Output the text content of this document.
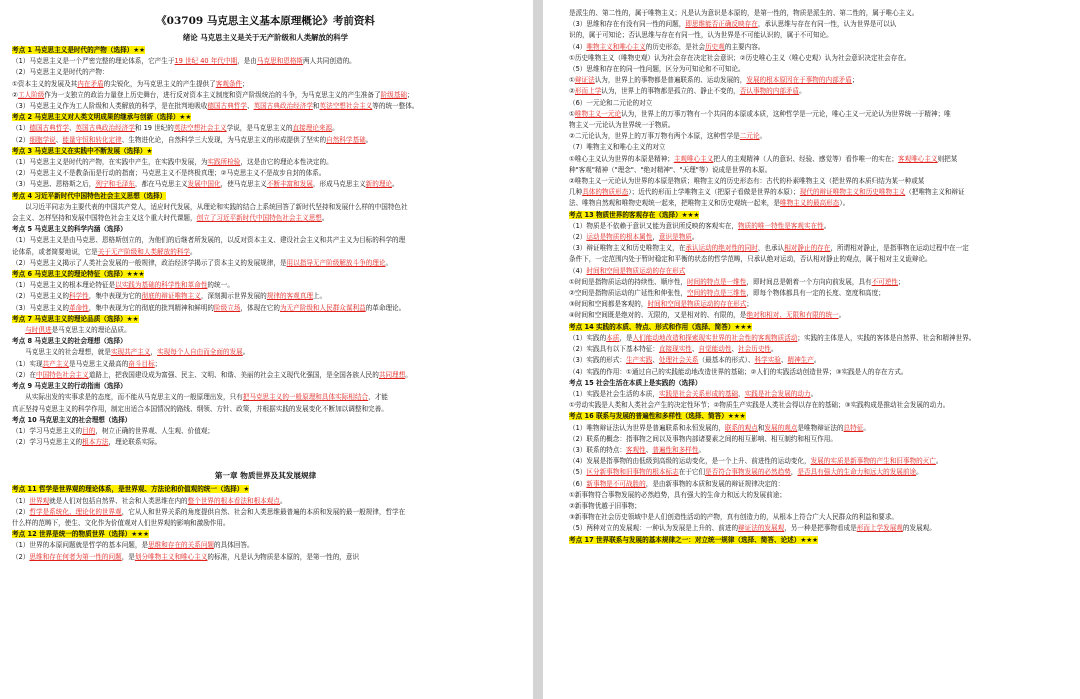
《03709 马克思主义基本原理概论》考前资料
绪论 马克思主义是关于无产阶级和人类解放的科学
考点 1 马克思主义是时代的产物（选择）★★
（1）马克思主义是一个严密完整的理论体系，它产生于19 世纪 40 年代中期，是由马克思和恩格斯两人共同创造的。
（2）马克思主义是时代的产物：
①资本主义的发展及其内在矛盾的尖锐化，为马克思主义的产生提供了客观条件；
②工人阶级作为一支独立的政治力量登上历史舞台，进行反对资本主义制度和资产阶级统治的斗争，为马克思主义的产生准备了阶级基础；
（3）马克思主义作为工人阶级和人类解放的科学，是在批判地吸收德国古典哲学、英国古典政治经济学和英法空想社会主义等的统一整体。
考点 2 马克思主义对人类文明成果的继承与创新（选择）★★
（1）德国古典哲学、英国古典政治经济学和 19 世纪的英法空想社会主义学说，是马克思主义的直接理论来源。
（2）细胞学说、能量守恒和转化定律、生物进化论，自然科学三大发现，为马克思主义的形成提供了坚实的自然科学基础。
考点 3 马克思主义在实践中不断发展（选择）★
（1）马克思主义是时代的产物，在实践中产生，在实践中发展，为实践所检验，这是由它的理论本性决定的。
（2）马克思主义不是教条而是行动的指南；马克思主义不是终极真理；②马克思主义不是故步自封的体系。
（3）马克思、恩格斯之后，列宁和毛泽东，都在马克思主义发展中国化，使马克思主义不断丰富和发展，形成马克思主义新的理论。
考点 4 习近平新时代中国特色社会主义思想（选择）
　　以习近平同志为主要代表的中国共产党人，适应时代发展，从理论和实践的结合上系统回答了新时代坚持和发展什么样的中国特色社
会主义、怎样坚持和发展中国特色社会主义这个重大时代课题，创立了习近平新时代中国特色社会主义思想。
考点 5 马克思主义的科学内涵（选择）
（1）马克思主义是由马克思、恩格斯创立的，为他们的后继者所发展的，以反对资本主义、建设社会主义和共产主义为目标的科学的理
论体系，或者简要地说，它是关于无产阶级和人类解放的科学。
（2）马克思主义揭示了人类社会发展的一般规律，政治经济学揭示了资本主义的发展规律，是用以指导无产阶级解放斗争的理论。
考点 6 马克思主义的理论特征（选择）★★★
（1）马克思主义的根本理论特征是以实践为基础的科学性和革命性的统一。
（2）马克思主义的科学性，集中表现为它的彻底的辩证唯物主义，深刻揭示世界发展的规律的客观真理上。
（3）马克思主义的革命性，集中表现为它的彻底的批判精神和鲜明的阶级立场，体现在它的为无产阶级和人民群众谋利益的革命理论。
考点 7 马克思主义的理论品质（选择）★★
　　与时俱进是马克思主义的理论品质。
考点 8 马克思主义的社会理想（选择）
　　马克思主义的社会理想，就是实现共产主义，实现每个人自由而全面的发展。
（1）实现共产主义是马克思主义最高的奋斗目标；
（2）在中国特色社会主义道路上，把我国建设成为富强、民主、文明、和谐、美丽的社会主义现代化强国，是全国各族人民的共同理想。
考点 9 马克思主义的行动指南（选择）
　　从实际出发的实事求是的态度，而不能从马克思主义的一般原理出发，只有把马克思主义的一般原理和具体实际相结合，才能
真正坚持马克思主义的科学作用，制定出适合本国情况的路线、纲领、方针、政策，并根据实践的发展变化不断加以调整和完善。
考点 10 马克思主义的社会理想（选择）
（1）学习马克思主义的目的，树立正确的世界观、人生观、价值观；
（2）学习马克思主义的根本方法，理论联系实际。
第一章 物质世界及其发展规律
考点 11 哲学是世界观的理论体系，是世界观、方法论和价值观的统一（选择）★
（1）世界观就是人们对包括自然界、社会和人类思维在内的整个世界的根本看法和根本观点。
（2）哲学是系统化、理论化的世界观，它从人和世界关系的角度提供自然、社会和人类思维最普遍的本质和发展的最一般规律，哲学在
什么样的范畴下，使生、文化作为价值观对人们世界观的影响和激励作用。
考点 12 世界是统一的物质世界（选择）★★★
（1）世界的本原问题就是哲学的基本问题，是思维和存在的关系问题的具体回答。
（2）思维和存在何者为第一性的问题，是划分唯物主义和唯心主义的标准，凡是认为物质是本原的，是第一性的，意识
是派生的、第二性的，属于唯物主义；凡是认为意识是本原的，是第一性的，物质是派生的、第二性的，属于唯心主义。
（3）思维和存在有没有同一性的问题，即思维能否正确反映存在，承认思维与存在有同一性，认为世界是可以认
识的，属于可知论；否认思维与存在有同一性，认为世界是不可能认识的，属于不可知论。
（4）唯物主义和唯心主义的历史形态，是社会历史观的主要内容。
①历史唯物主义（唯物史观）认为社会存在决定社会意识；②历史唯心主义（唯心史观）认为社会意识决定社会存在。
（5）思维和存在的同一性问题，区分为可知论和不可知论。
①辩证法认为，世界上的事物都是普遍联系的、运动发展的，发展的根本原因在于事物的内部矛盾；
②形而上学认为，世界上的事物都是孤立的、静止不变的，否认事物的内部矛盾。
（6）一元论和二元论的对立
①唯物主义一元论认为，世界上的万事万物有一个共同的本原或本质，这种哲学是一元论，唯心主义一元论认为世界统一于精神；唯
物主义一元论认为世界统一于物质。
②二元论认为，世界上的万事万物有两个本原，这种哲学是二元论。
（7）唯物主义和唯心主义的对立
①唯心主义认为世界的本原是精神；主观唯心主义把人的主观精神（人的意识、经验、感觉等）看作唯一的实在；客观唯心主义则把某
种"客观"精神（"理念"、"绝对精神"、"天理"等）说成是世界的本原。
②唯物主义一元论认为世界的本原是物质；唯物主义的历史形态有：古代的朴素唯物主义（把世界的本质归结为某一种或某
几种具体的物质形态）；近代的形而上学唯物主义（把原子看做是世界的本原）；现代的辩证唯物主义和历史唯物主义（把唯物主义和辩证
法、唯物自然观和唯物史观统一起来，把唯物主义和历史观统一起来，是唯物主义的最高形态）。
考点 13 物质世界的客观存在（选择）★★★
（1）物质是不依赖于意识又能为意识所反映的客观实在，物质的唯一特性是客观实在性。
（2）运动是物质的根本属性，意识是物质。
（3）辩证唯物主义和历史唯物主义，在承认运动的绝对性的同时，也承认相对静止的存在，所谓相对静止，是指事物在运动过程中在一定
条件下，一定范围内处于暂时稳定和平衡的状态的哲学范畴，只承认绝对运动，否认相对静止的观点，属于相对主义诡辩论。
（4）时间和空间是物质运动的存在形式
①时间是指物质运动的持续性、顺序性，时间的特点是一维性，即时间总是朝着一个方向向前发展，具有不可逆性；
②空间是指物质运动的广延性和伸张性，空间的特点是三维性，即每个物体都具有一定的长度、宽度和高度；
③时间和空间都是客观的，时间和空间是物质运动的存在形式；
④时间和空间既是绝对的、无限的，又是相对的、有限的，是绝对和相对、无限和有限的统一。
考点 14 实践的本质、特点、形式和作用（选择、简答）★★★
（1）实践的本质，是人们能动地改造和探索现实世界的社会性的客观物质活动；实践的主体是人，实践的客体是自然界、社会和精神世界。
（2）实践具有以下基本特征：直接现实性、自觉能动性、社会历史性。
（3）实践的形式：生产实践、处理社会关系（最基本的形式）、科学实验、精神生产。
（4）实践的作用：①通过自己的实践能动地改造世界的基础；②人们的实践活动创造世界；③实践是人的存在方式。
考点 15 社会生活在本质上是实践的（选择）
（1）实践是社会生活的本质，实践是社会关系形成的基础，实践是社会发展的动力。
①劳动实践是人类和人类社会产生的决定性环节；②物质生产实践是人类社会得以存在的基础；③实践构成是推动社会发展的动力。
考点 16 联系与发展的普遍性和多样性（选择、简答）★★★
（1）唯物辩证法认为世界是普遍联系和永恒发展的，联系的观点和发展的观点是唯物辩证法的总特征。
（2）联系的概念：指事物之间以及事物内部诸要素之间的相互影响、相互制约和相互作用。
（3）联系的特点：客观性、普遍性和多样性。
（4）发展是指事物的由低级到高级的运动变化，是一个上升、前进性的运动变化，发展的实质是新事物的产生和旧事物的灭亡。
（5）区分新事物和旧事物的根本标志在于它们是否符合事物发展的必然趋势，是否具有强大的生命力和远大的发展前途。
（6）新事物是不可战胜的，是由新事物的本质和发展的辩证规律决定的：
①新事物符合事物发展的必然趋势，具有强大的生命力和远大的发展前途；
②新事物优越于旧事物；
③新事物在社会历史领域中是人们创造性活动的产物，真有创造力的，从根本上符合广大人民群众的利益和要求。
（5）两种对立的发展观：一种认为发展是上升的、前进的辩证法的发展观，另一种是把事物看成是形而上学发展观的发展观。
考点 17 世界联系与发展的基本规律之一：对立统一规律（选择、简答、论述）★★★
